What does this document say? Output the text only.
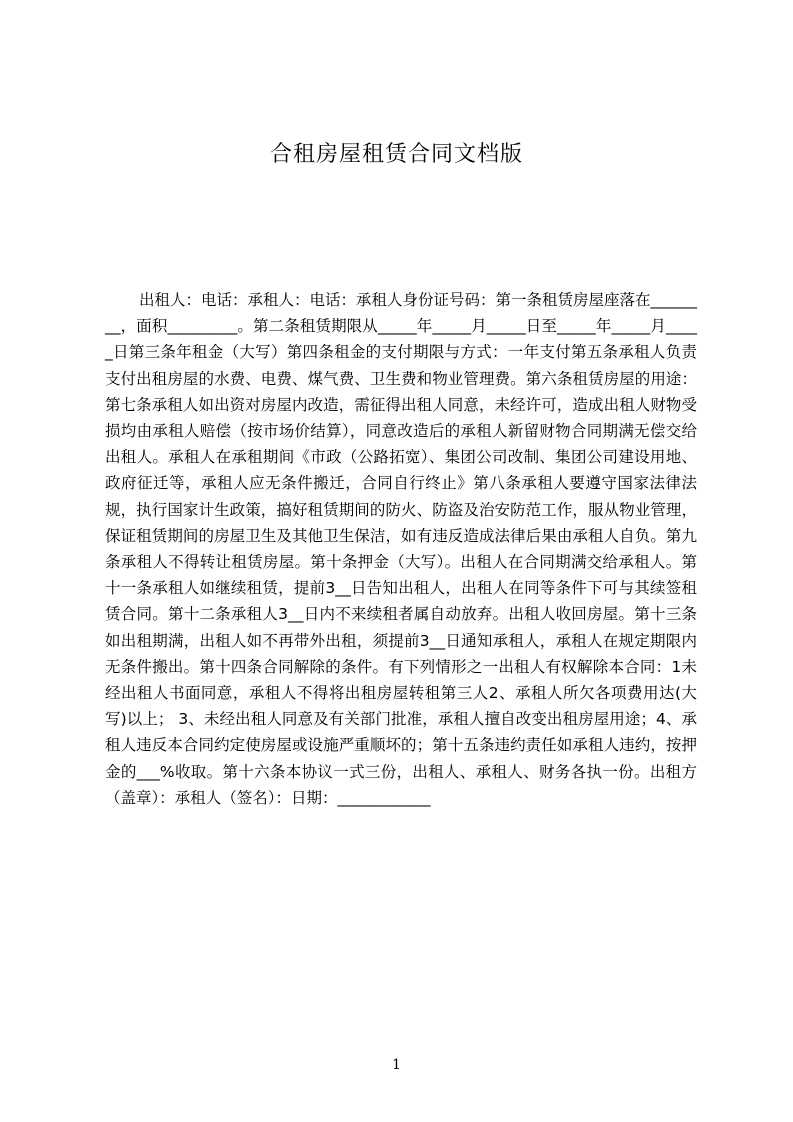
合租房屋租赁合同文档版

出租人：电话：承租人：电话：承租人身份证号码：第一条租赁房屋座落在________，面积_________。第二条租赁期限从_____年_____月_____日至_____年_____月_____日第三条年租金（大写）第四条租金的支付期限与方式：一年支付第五条承租人负责支付出租房屋的水费、电费、煤气费、卫生费和物业管理费。第六条租赁房屋的用途：第七条承租人如出资对房屋内改造，需征得出租人同意，未经许可，造成出租人财物受损均由承租人赔偿（按市场价结算），同意改造后的承租人新留财物合同期满无偿交给出租人。承租人在承租期间《市政（公路拓宽）、集团公司改制、集团公司建设用地、政府征迁等，承租人应无条件搬迁，合同自行终止》第八条承租人要遵守国家法律法规，执行国家计生政策，搞好租赁期间的防火、防盗及治安防范工作，服从物业管理，保证租赁期间的房屋卫生及其他卫生保洁，如有违反造成法律后果由承租人自负。第九条承租人不得转让租赁房屋。第十条押金（大写）。出租人在合同期满交给承租人。第十一条承租人如继续租赁，提前3__日告知出租人，出租人在同等条件下可与其续签租赁合同。第十二条承租人3__日内不来续租者属自动放弃。出租人收回房屋。第十三条如出租期满，出租人如不再带外出租，须提前3__日通知承租人，承租人在规定期限内无条件搬出。第十四条合同解除的条件。有下列情形之一出租人有权解除本合同：1未经出租人书面同意，承租人不得将出租房屋转租第三人2、承租人所欠各项费用达(大写)以上； 3、未经出租人同意及有关部门批准，承租人擅自改变出租房屋用途；4、承租人违反本合同约定使房屋或设施严重顺坏的；第十五条违约责任如承租人违约，按押金的___%收取。第十六条本协议一式三份，出租人、承租人、财务各执一份。出租方（盖章）：承租人（签名）：日期：____________

1
